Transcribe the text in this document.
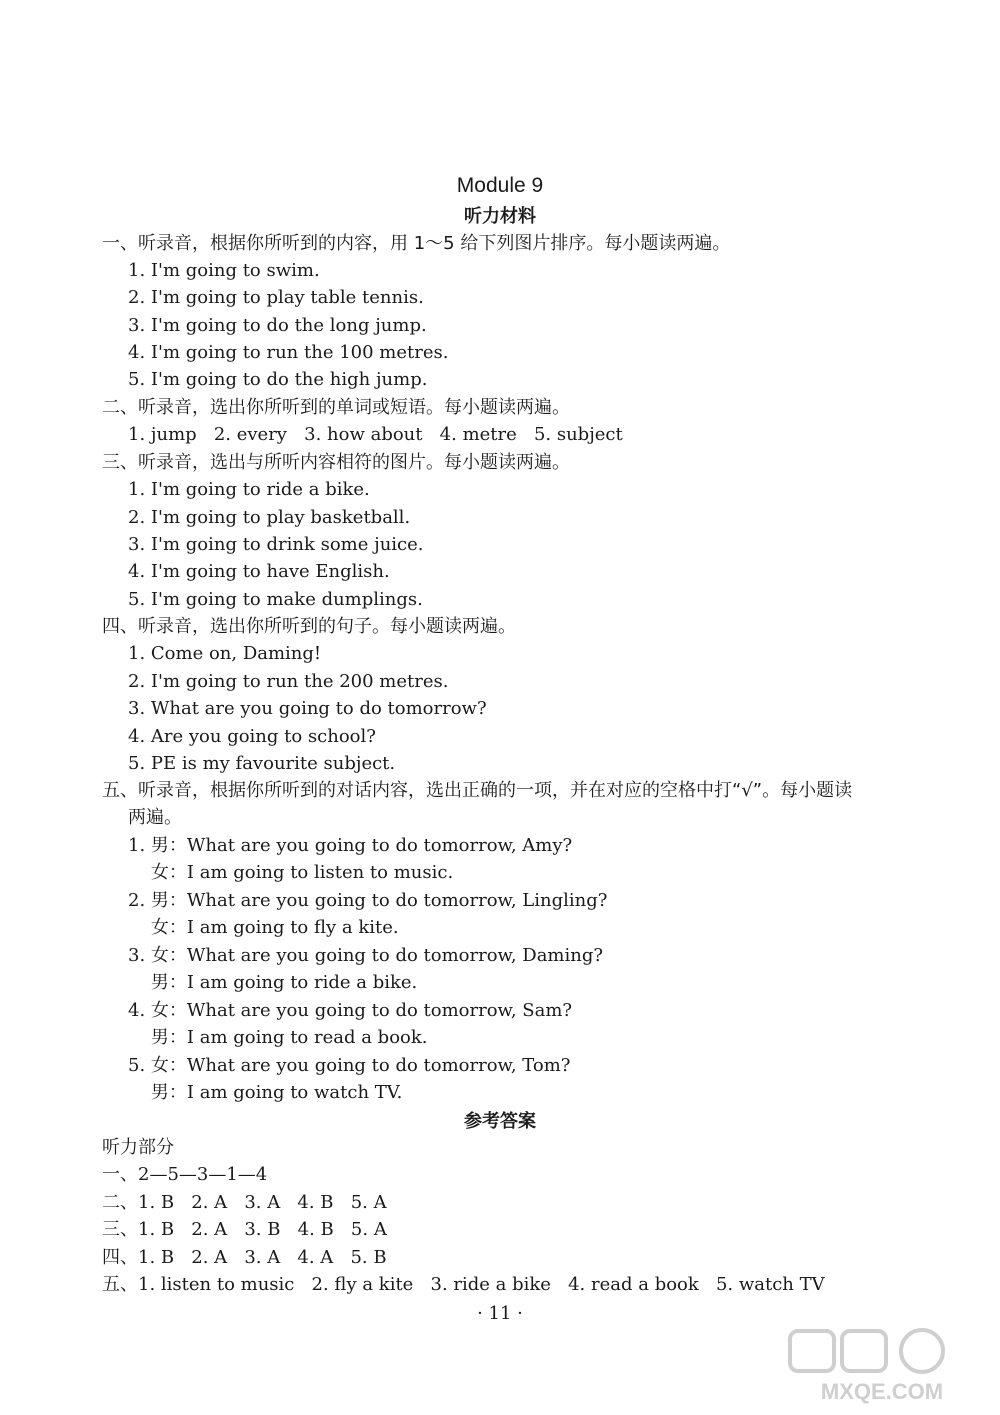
Module 9
听力材料
一、听录音，根据你所听到的内容，用 1～5 给下列图片排序。每小题读两遍。
1. I'm going to swim.
2. I'm going to play table tennis.
3. I'm going to do the long jump.
4. I'm going to run the 100 metres.
5. I'm going to do the high jump.
二、听录音，选出你所听到的单词或短语。每小题读两遍。
1. jump   2. every   3. how about   4. metre   5. subject
三、听录音，选出与所听内容相符的图片。每小题读两遍。
1. I'm going to ride a bike.
2. I'm going to play basketball.
3. I'm going to drink some juice.
4. I'm going to have English.
5. I'm going to make dumplings.
四、听录音，选出你所听到的句子。每小题读两遍。
1. Come on, Daming!
2. I'm going to run the 200 metres.
3. What are you going to do tomorrow?
4. Are you going to school?
5. PE is my favourite subject.
五、听录音，根据你所听到的对话内容，选出正确的一项，并在对应的空格中打“√”。每小题读
两遍。
1. 男：What are you going to do tomorrow, Amy?
女：I am going to listen to music.
2. 男：What are you going to do tomorrow, Lingling?
女：I am going to fly a kite.
3. 女：What are you going to do tomorrow, Daming?
男：I am going to ride a bike.
4. 女：What are you going to do tomorrow, Sam?
男：I am going to read a book.
5. 女：What are you going to do tomorrow, Tom?
男：I am going to watch TV.
参考答案
听力部分
一、2—5—3—1—4
二、1. B   2. A   3. A   4. B   5. A
三、1. B   2. A   3. B   4. B   5. A
四、1. B   2. A   3. A   4. A   5. B
五、1. listen to music   2. fly a kite   3. ride a bike   4. read a book   5. watch TV
· 11 ·
MXQE.COM
